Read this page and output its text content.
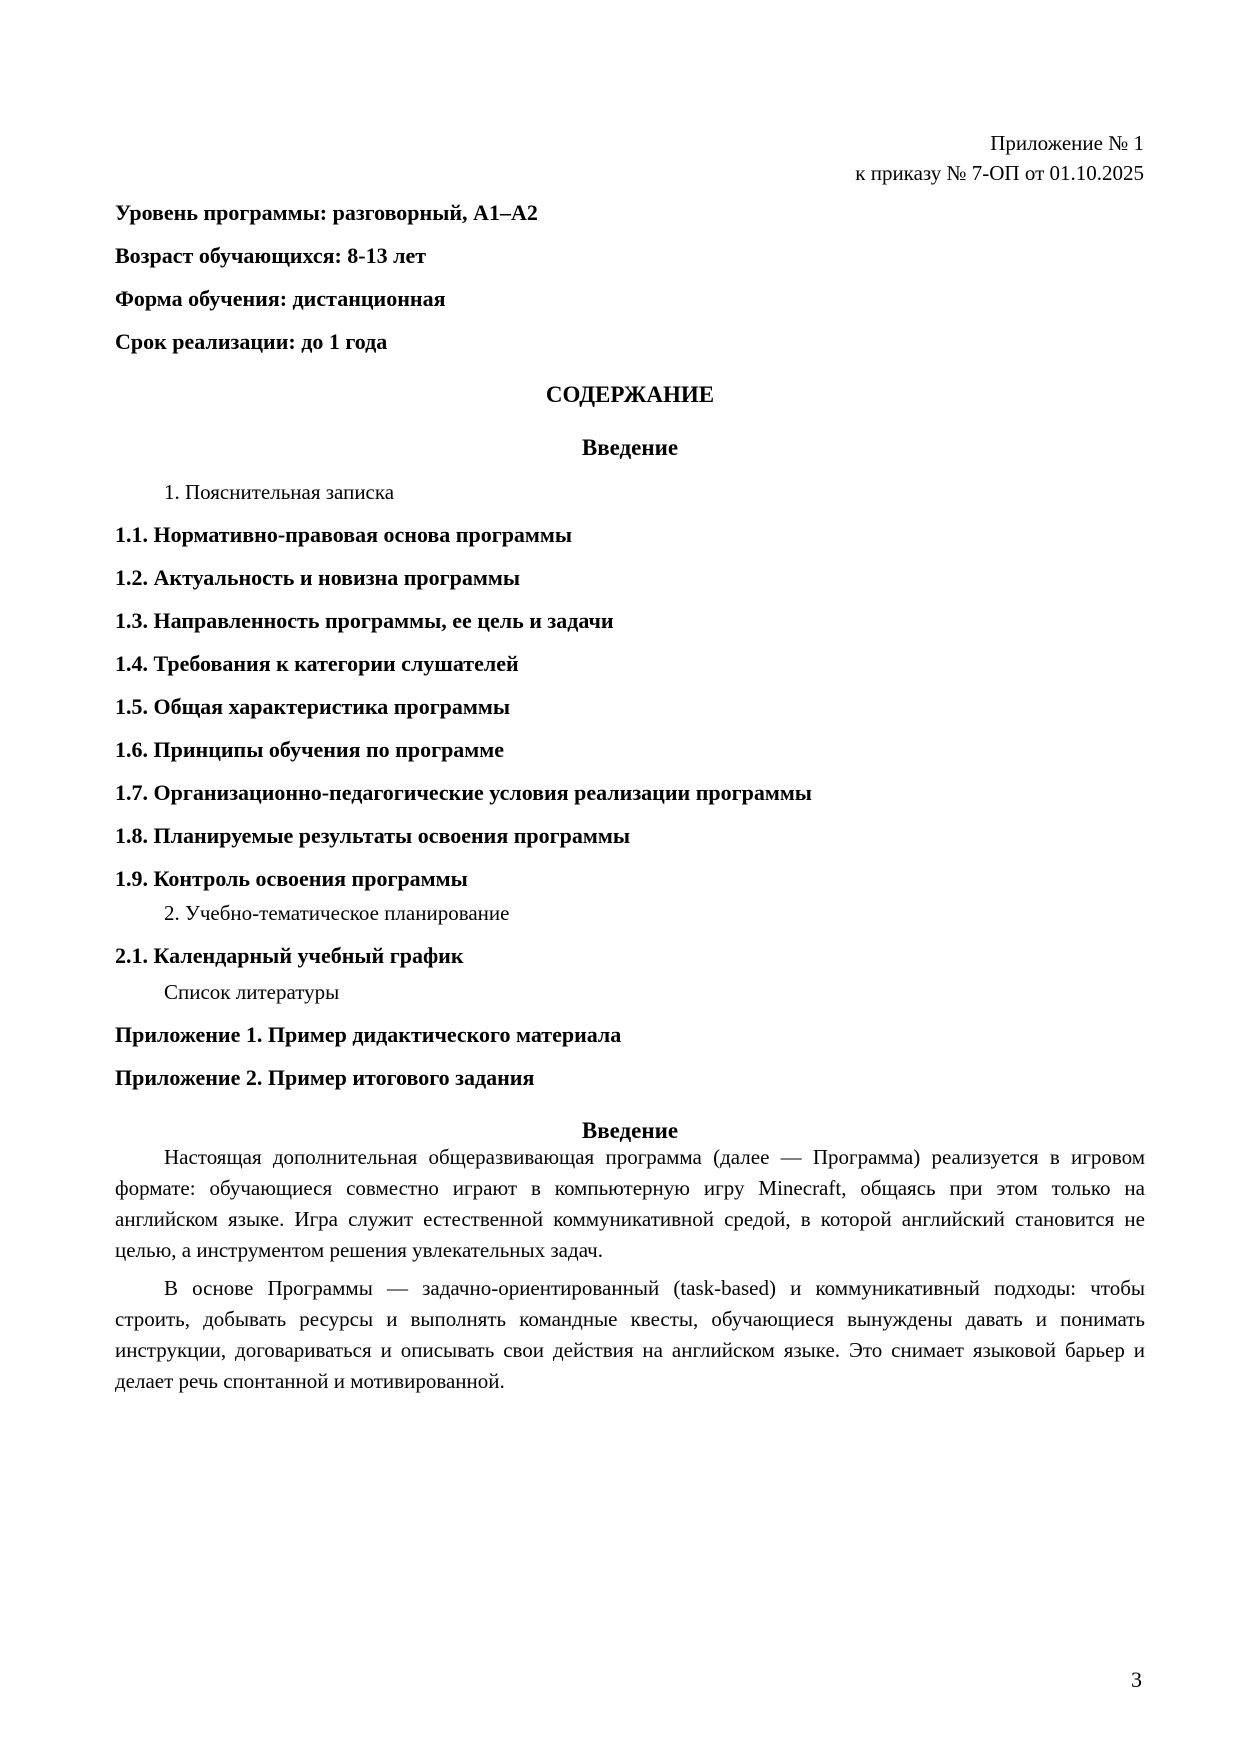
Приложение № 1
к приказу № 7-ОП от 01.10.2025
Уровень программы: разговорный, A1–A2
Возраст обучающихся: 8-13 лет
Форма обучения: дистанционная
Срок реализации: до 1 года
СОДЕРЖАНИЕ
Введение
1. Пояснительная записка
1.1. Нормативно-правовая основа программы
1.2. Актуальность и новизна программы
1.3. Направленность программы, ее цель и задачи
1.4. Требования к категории слушателей
1.5. Общая характеристика программы
1.6. Принципы обучения по программе
1.7. Организационно-педагогические условия реализации программы
1.8. Планируемые результаты освоения программы
1.9. Контроль освоения программы
2. Учебно-тематическое планирование
2.1. Календарный учебный график
Список литературы
Приложение 1. Пример дидактического материала
Приложение 2. Пример итогового задания
Введение

Настоящая дополнительная общеразвивающая программа (далее — Программа) реализуется в игровом формате: обучающиеся совместно играют в компьютерную игру Minecraft, общаясь при этом только на английском языке. Игра служит естественной коммуникативной средой, в которой английский становится не целью, а инструментом решения увлекательных задач.

В основе Программы — задачно-ориентированный (task-based) и коммуникативный подходы: чтобы строить, добывать ресурсы и выполнять командные квесты, обучающиеся вынуждены давать и понимать инструкции, договариваться и описывать свои действия на английском языке. Это снимает языковой барьер и делает речь спонтанной и мотивированной.

3
